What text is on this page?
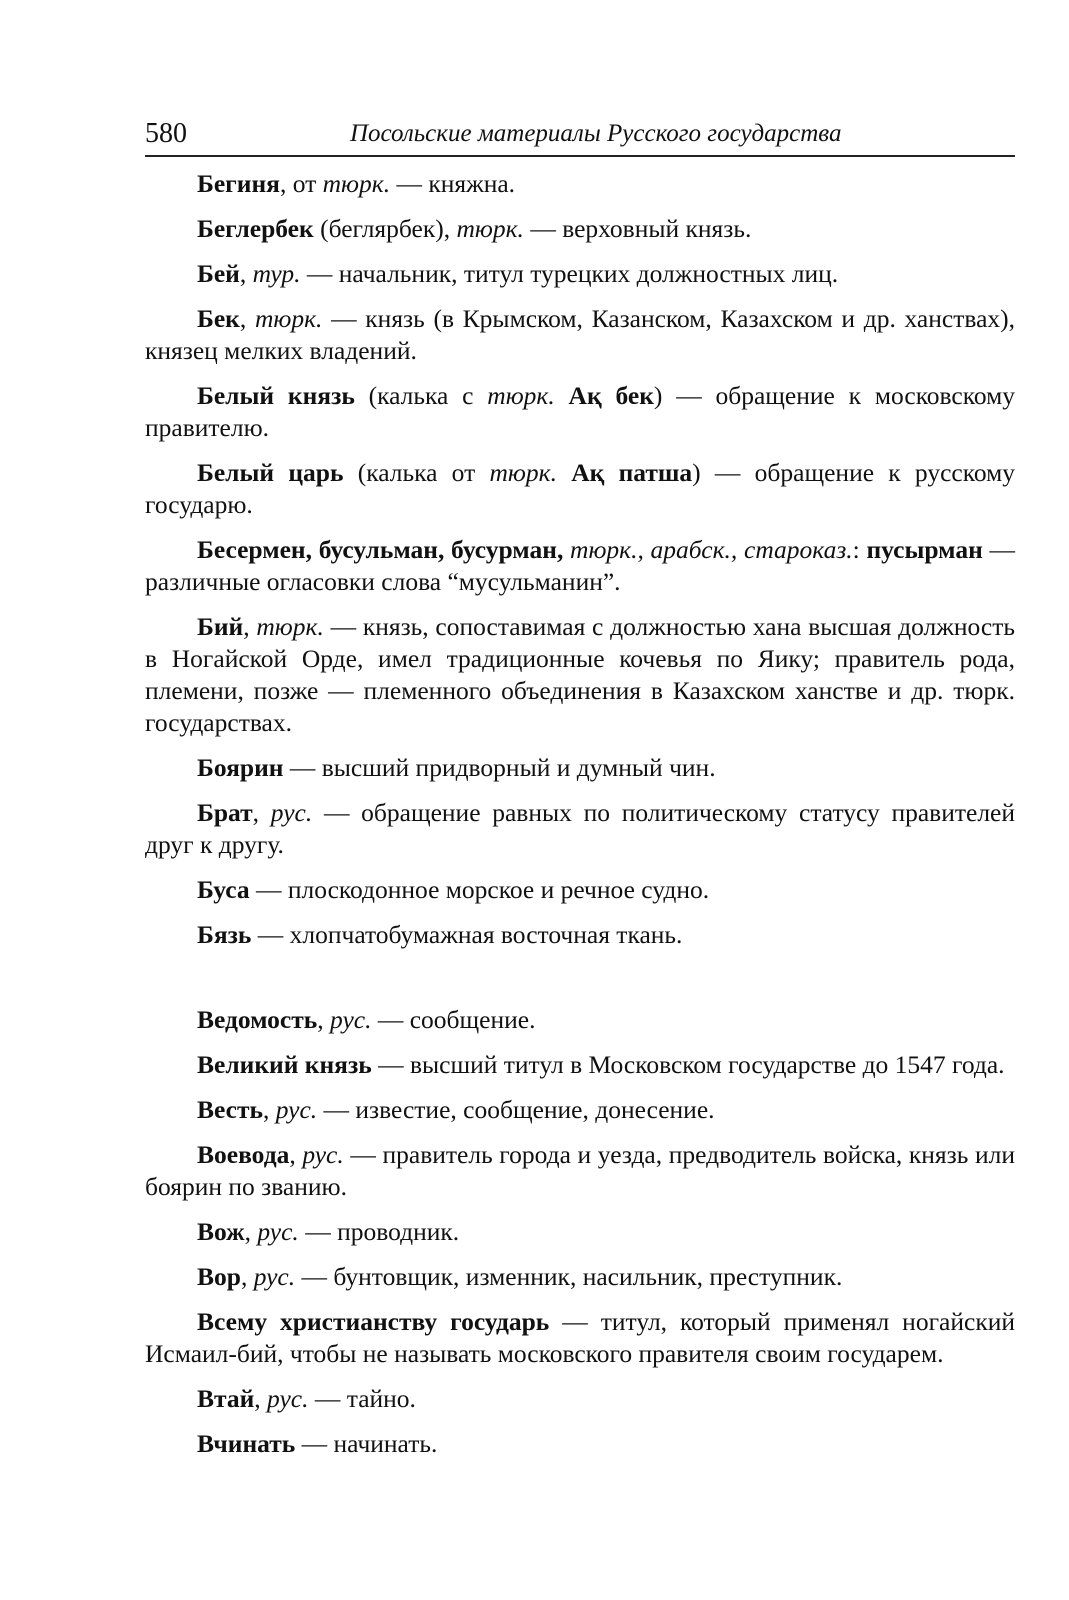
580	Посольские материалы Русского государства

Бегиня, от тюрк. — княжна.

Беглербек (беглярбек), тюрк. — верховный князь.

Бей, тур. — начальник, титул турецких должностных лиц.

Бек, тюрк. — князь (в Крымском, Казанском, Казахском и др. ханствах), князец мелких владений.

Белый князь (калька с тюрк. Ақ бек) — обращение к московскому правителю.

Белый царь (калька от тюрк. Ақ патша) — обращение к русскому государю.

Бесермен, бусульман, бусурман, тюрк., арабск., староказ.: пусырман — различные огласовки слова “мусульманин”.

Бий, тюрк. — князь, сопоставимая с должностью хана высшая должность в Ногайской Орде, имел традиционные кочевья по Яику; правитель рода, племени, позже — племенного объединения в Казахском ханстве и др. тюрк. государствах.

Боярин — высший придворный и думный чин.

Брат, рус. — обращение равных по политическому статусу правителей друг к другу.

Буса — плоскодонное морское и речное судно.

Бязь — хлопчатобумажная восточная ткань.

Ведомость, рус. — сообщение.

Великий князь — высший титул в Московском государстве до 1547 года.

Весть, рус. — известие, сообщение, донесение.

Воевода, рус. — правитель города и уезда, предводитель войска, князь или боярин по званию.

Вож, рус. — проводник.

Вор, рус. — бунтовщик, изменник, насильник, преступник.

Всему христианству государь — титул, который применял ногайский Исмаил-бий, чтобы не называть московского правителя своим государем.

Втай, рус. — тайно.

Вчинать — начинать.
